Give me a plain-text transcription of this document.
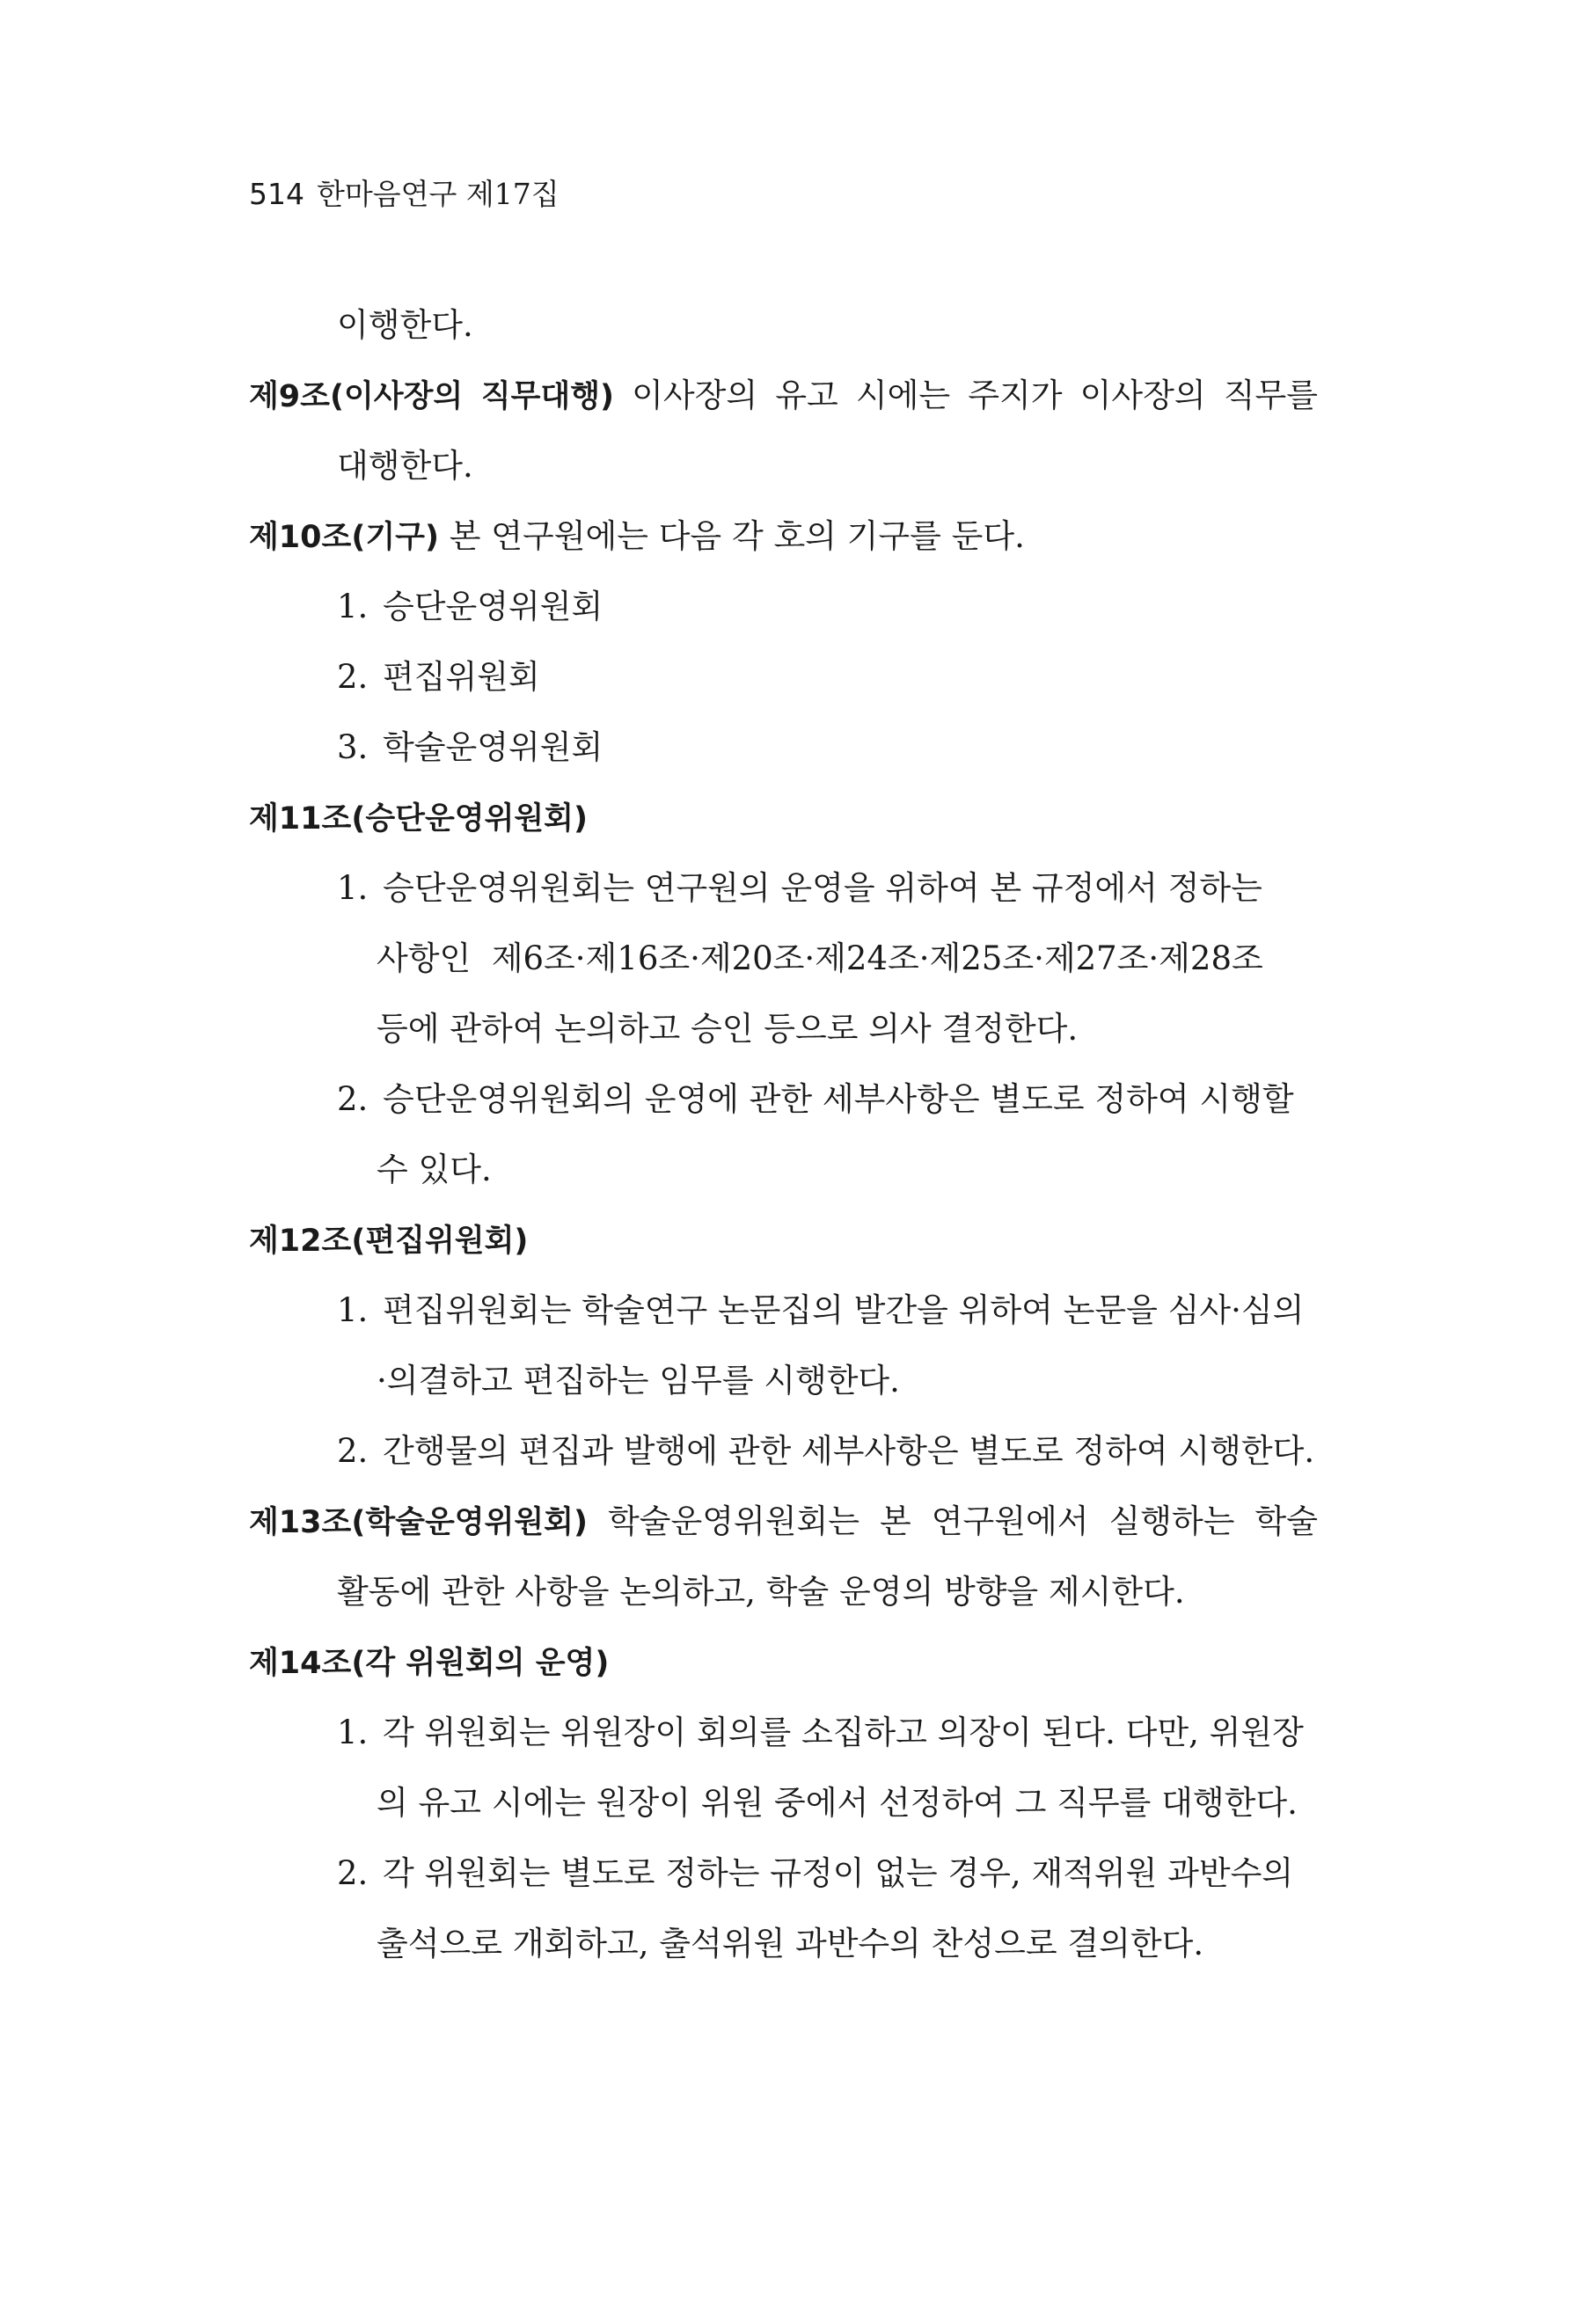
514 한마음연구 제17집
이행한다.
제9조(이사장의 직무대행) 이사장의 유고 시에는 주지가 이사장의 직무를
대행한다.
제10조(기구) 본 연구원에는 다음 각 호의 기구를 둔다.
1. 승단운영위원회
2. 편집위원회
3. 학술운영위원회
제11조(승단운영위원회)
1. 승단운영위원회는 연구원의 운영을 위하여 본 규정에서 정하는
사항인  제6조·제16조·제20조·제24조·제25조·제27조·제28조
등에 관하여 논의하고 승인 등으로 의사 결정한다.
2. 승단운영위원회의 운영에 관한 세부사항은 별도로 정하여 시행할
수 있다.
제12조(편집위원회)
1. 편집위원회는 학술연구 논문집의 발간을 위하여 논문을 심사·심의
·의결하고 편집하는 임무를 시행한다.
2. 간행물의 편집과 발행에 관한 세부사항은 별도로 정하여 시행한다.
제13조(학술운영위원회) 학술운영위원회는 본 연구원에서 실행하는 학술
활동에 관한 사항을 논의하고, 학술 운영의 방향을 제시한다.
제14조(각 위원회의 운영)
1. 각 위원회는 위원장이 회의를 소집하고 의장이 된다. 다만, 위원장
의 유고 시에는 원장이 위원 중에서 선정하여 그 직무를 대행한다.
2. 각 위원회는 별도로 정하는 규정이 없는 경우, 재적위원 과반수의
출석으로 개회하고, 출석위원 과반수의 찬성으로 결의한다.
